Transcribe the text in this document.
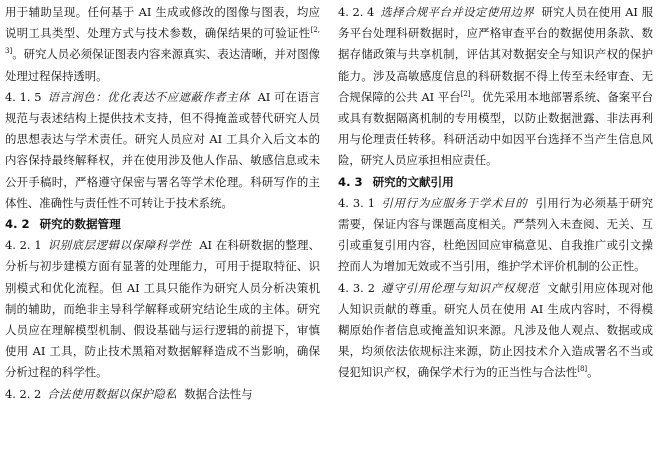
用于辅助呈现。任何基于 AI 生成或修改的图像与图表，均应说明工具类型、处理方式与技术参数，确保结果的可验证性[2,3]。研究人员必须保证图表内容来源真实、表达清晰，并对图像处理过程保持透明。

4. 1. 5 语言润色：优化表达不应遮蔽作者主体 AI 可在语言规范与表述结构上提供技术支持，但不得掩盖或替代研究人员的思想表达与学术责任。研究人员应对 AI 工具介入后文本的内容保持最终解释权，并在使用涉及他人作品、敏感信息或未公开手稿时，严格遵守保密与署名等学术伦理。科研写作的主体性、准确性与责任性不可转让于技术系统。

4. 2 研究的数据管理

4. 2. 1 识别底层逻辑以保障科学性 AI 在科研数据的整理、分析与初步建模方面有显著的处理能力，可用于提取特征、识别模式和优化流程。但 AI 工具只能作为研究人员分析决策机制的辅助，而绝非主导科学解释或研究结论生成的主体。研究人员应在理解模型机制、假设基础与运行逻辑的前提下，审慎使用 AI 工具，防止技术黑箱对数据解释造成不当影响，确保分析过程的科学性。

4. 2. 2 合法使用数据以保护隐私 数据合法性与

4. 2. 4 选择合规平台并设定使用边界 研究人员在使用 AI 服务平台处理科研数据时，应严格审查平台的数据使用条款、数据存储政策与共享机制，评估其对数据安全与知识产权的保护能力。涉及高敏感度信息的科研数据不得上传至未经审查、无合规保障的公共 AI 平台[2]。优先采用本地部署系统、备案平台或具有数据隔离机制的专用模型，以防止数据泄露、非法再利用与伦理责任转移。科研活动中如因平台选择不当产生信息风险，研究人员应承担相应责任。

4. 3 研究的文献引用

4. 3. 1 引用行为应服务于学术目的 引用行为必须基于研究需要，保证内容与课题高度相关。严禁列入未查阅、无关、互引或重复引用内容，杜绝因回应审稿意见、自我推广或引文操控而人为增加无效或不当引用，维护学术评价机制的公正性。

4. 3. 2 遵守引用伦理与知识产权规范 文献引用应体现对他人知识贡献的尊重。研究人员在使用 AI 生成内容时，不得模糊原始作者信息或掩盖知识来源。凡涉及他人观点、数据或成果，均须依法依规标注来源，防止因技术介入造成署名不当或侵犯知识产权，确保学术行为的正当性与合法性[8]。
